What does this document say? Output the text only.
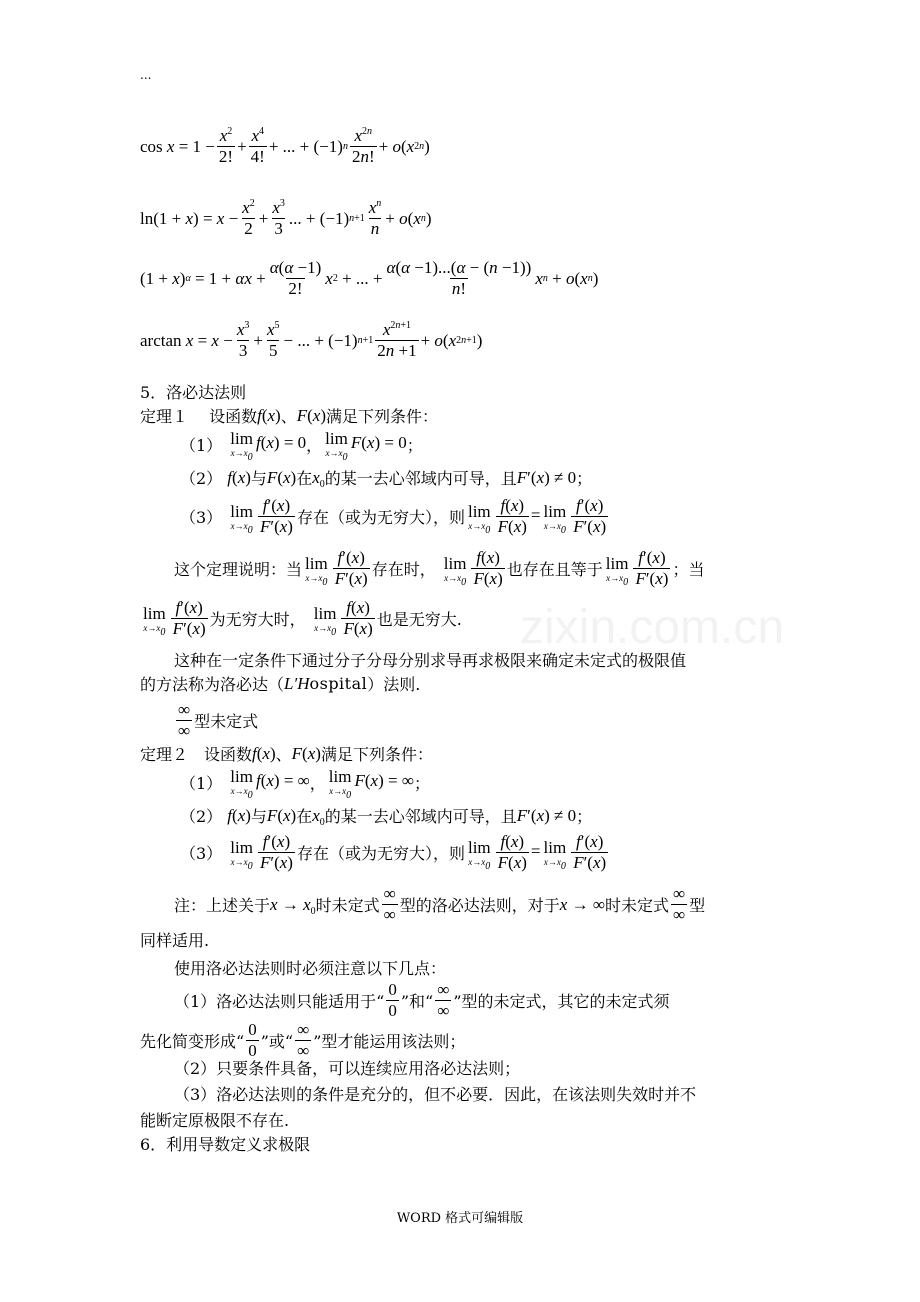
...
$\cos x = 1 - \frac{x^2}{2!} + \frac{x^4}{4!}$ + ... + (−1) n $\frac{x^{2n}}{2n!} + o$ ( x 2n )
ln(1 + x ) = $x - \frac{x^2}{2} + \frac{x^3}{3}$ ... + (−1) $n+1 \frac{x^n}{n} + o$ ( x n )
(1 + x ) $\alpha = 1 + \alpha x + \frac{\alpha(\alpha -1)}{2!}$ x 2 + ... + $\frac{\alpha(\alpha -1)...(\alpha - (n -1))}{n!}$ x n + o ( x n )
$\arctan x = x - \frac{x^3}{3} + \frac{x^5}{5}$ − ... + (−1) $n+1 \frac{x^{2n+1}}{2n +1} + o$ ( x 2n+1 )
5．洛必达法则
定理１　 设函数 f(x) 、 F(x) 满足下列条件：
（1）
lim
$x\to x_0$
f(x) = 0 ， lim
$x\to x_0$
F(x) = 0 ；
（2）
f(x) 与 F(x) 在 $x_0$ 的某一去心邻域内可导，且 F′(x) ≠ 0 ；
（3）
lim
$x\to x_0 \frac{f'(x)}{F'(x)}$ 存在（或为无穷大），则 lim
$x\to x_0 \frac{f(x)}{F(x)} = \lim$
$x\to x_0 \frac{f'(x)}{F'(x)}$
这个定理说明：当 lim
$x\to x_0 \frac{f'(x)}{F'(x)}$ 存在时，
lim
$x\to x_0 \frac{f(x)}{F(x)}$ 也存在且等于 lim
$x\to x_0 \frac{f'(x)}{F'(x)}$ ；当
lim
$x\to x_0 \frac{f'(x)}{F'(x)}$ 为无穷大时，
lim
$x\to x_0 \frac{f(x)}{F(x)}$ 也是无穷大. zixin.com.cn
这种在一定条件下通过分子分母分别求导再求极限来确定未定式的极限值
的方法称为洛必达（ L′H ospital ）法则.
$\frac{\infty}{\infty}$ 型未定式
定理２　设函数 f(x) 、 F(x) 满足下列条件：
（1）
lim
$x\to x_0$
f(x) = ∞ ， lim
$x\to x_0$
F(x) = ∞ ；
（2）
f(x) 与 F(x) 在 $x_0$ 的某一去心邻域内可导，且 F′(x) ≠ 0 ；
（3）
lim
$x\to x_0 \frac{f'(x)}{F'(x)}$ 存在（或为无穷大），则 lim
$x\to x_0 \frac{f(x)}{F(x)} = \lim$
$x\to x_0 \frac{f'(x)}{F'(x)}$
注：上述关于 $x \to x_0$ 时未定式 $\frac{\infty}{\infty}$ 型的洛必达法则，对于 x → ∞ 时未定式 $\frac{\infty}{\infty}$ 型
同样适用.
使用洛必达法则时必须注意以下几点：
（1）洛必达法则只能适用于“ $\frac{0}{0}$ ”和“ $\frac{\infty}{\infty}$ ”型的未定式，其它的未定式须
先化简变形成“ $\frac{0}{0}$ ”或“ $\frac{\infty}{\infty}$ ”型才能运用该法则；
（2）只要条件具备，可以连续应用洛必达法则；
（3）洛必达法则的条件是充分的，但不必要．因此，在该法则失效时并不
能断定原极限不存在.
6．利用导数定义求极限
WORD 格式可编辑版
